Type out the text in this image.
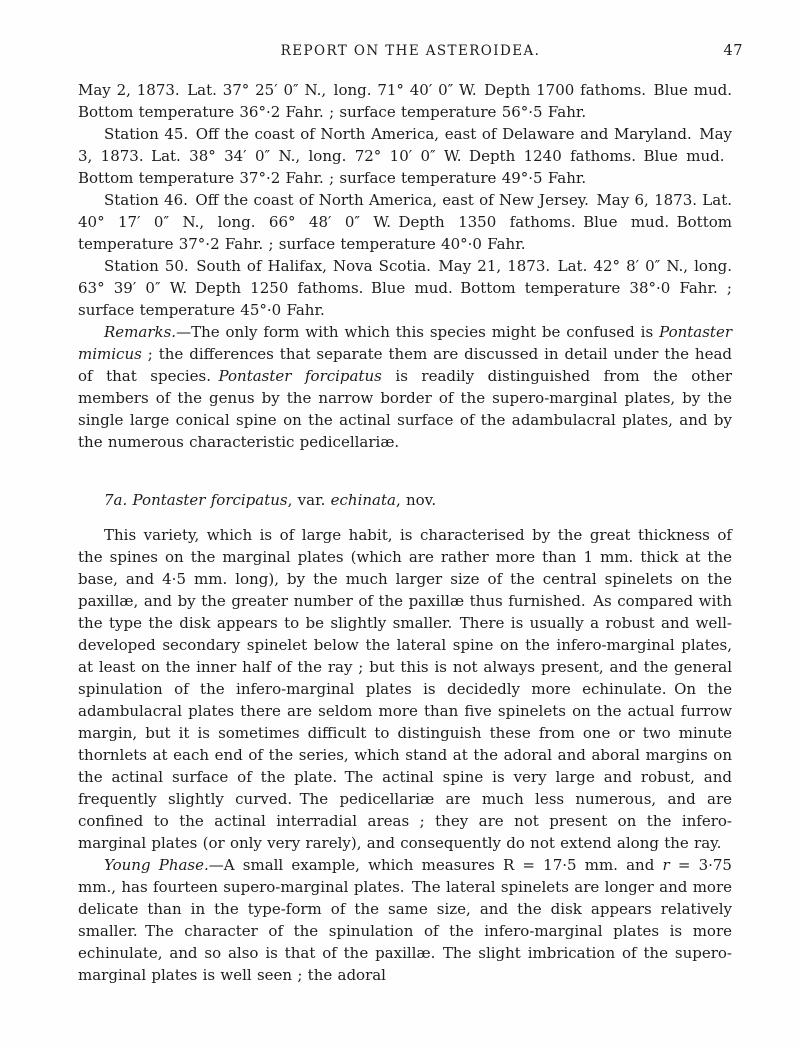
REPORT ON THE ASTEROIDEA.	47

May 2, 1873. Lat. 37° 25′ 0″ N., long. 71° 40′ 0″ W. Depth 1700 fathoms. Blue mud. Bottom temperature 36°·2 Fahr. ; surface temperature 56°·5 Fahr.

Station 45. Off the coast of North America, east of Delaware and Maryland. May 3, 1873. Lat. 38° 34′ 0″ N., long. 72° 10′ 0″ W. Depth 1240 fathoms. Blue mud. Bottom temperature 37°·2 Fahr. ; surface temperature 49°·5 Fahr.

Station 46. Off the coast of North America, east of New Jersey. May 6, 1873. Lat. 40° 17′ 0″ N., long. 66° 48′ 0″ W. Depth 1350 fathoms. Blue mud. Bottom temperature 37°·2 Fahr. ; surface temperature 40°·0 Fahr.

Station 50. South of Halifax, Nova Scotia. May 21, 1873. Lat. 42° 8′ 0″ N., long. 63° 39′ 0″ W. Depth 1250 fathoms. Blue mud. Bottom temperature 38°·0 Fahr. ; surface temperature 45°·0 Fahr.

Remarks.—The only form with which this species might be confused is Pontaster mimicus ; the differences that separate them are discussed in detail under the head of that species. Pontaster forcipatus is readily distinguished from the other members of the genus by the narrow border of the supero-marginal plates, by the single large conical spine on the actinal surface of the adambulacral plates, and by the numerous characteristic pedicellariæ.

7a. Pontaster forcipatus, var. echinata, nov.

This variety, which is of large habit, is characterised by the great thickness of the spines on the marginal plates (which are rather more than 1 mm. thick at the base, and 4·5 mm. long), by the much larger size of the central spinelets on the paxillæ, and by the greater number of the paxillæ thus furnished. As compared with the type the disk appears to be slightly smaller. There is usually a robust and well-developed secondary spinelet below the lateral spine on the infero-marginal plates, at least on the inner half of the ray ; but this is not always present, and the general spinulation of the infero-marginal plates is decidedly more echinulate. On the adambulacral plates there are seldom more than five spinelets on the actual furrow margin, but it is sometimes difficult to distinguish these from one or two minute thornlets at each end of the series, which stand at the adoral and aboral margins on the actinal surface of the plate. The actinal spine is very large and robust, and frequently slightly curved. The pedicellariæ are much less numerous, and are confined to the actinal interradial areas ; they are not present on the infero-marginal plates (or only very rarely), and consequently do not extend along the ray.

Young Phase.—A small example, which measures R = 17·5 mm. and r = 3·75 mm., has fourteen supero-marginal plates. The lateral spinelets are longer and more delicate than in the type-form of the same size, and the disk appears relatively smaller. The character of the spinulation of the infero-marginal plates is more echinulate, and so also is that of the paxillæ. The slight imbrication of the supero-marginal plates is well seen ; the adoral
